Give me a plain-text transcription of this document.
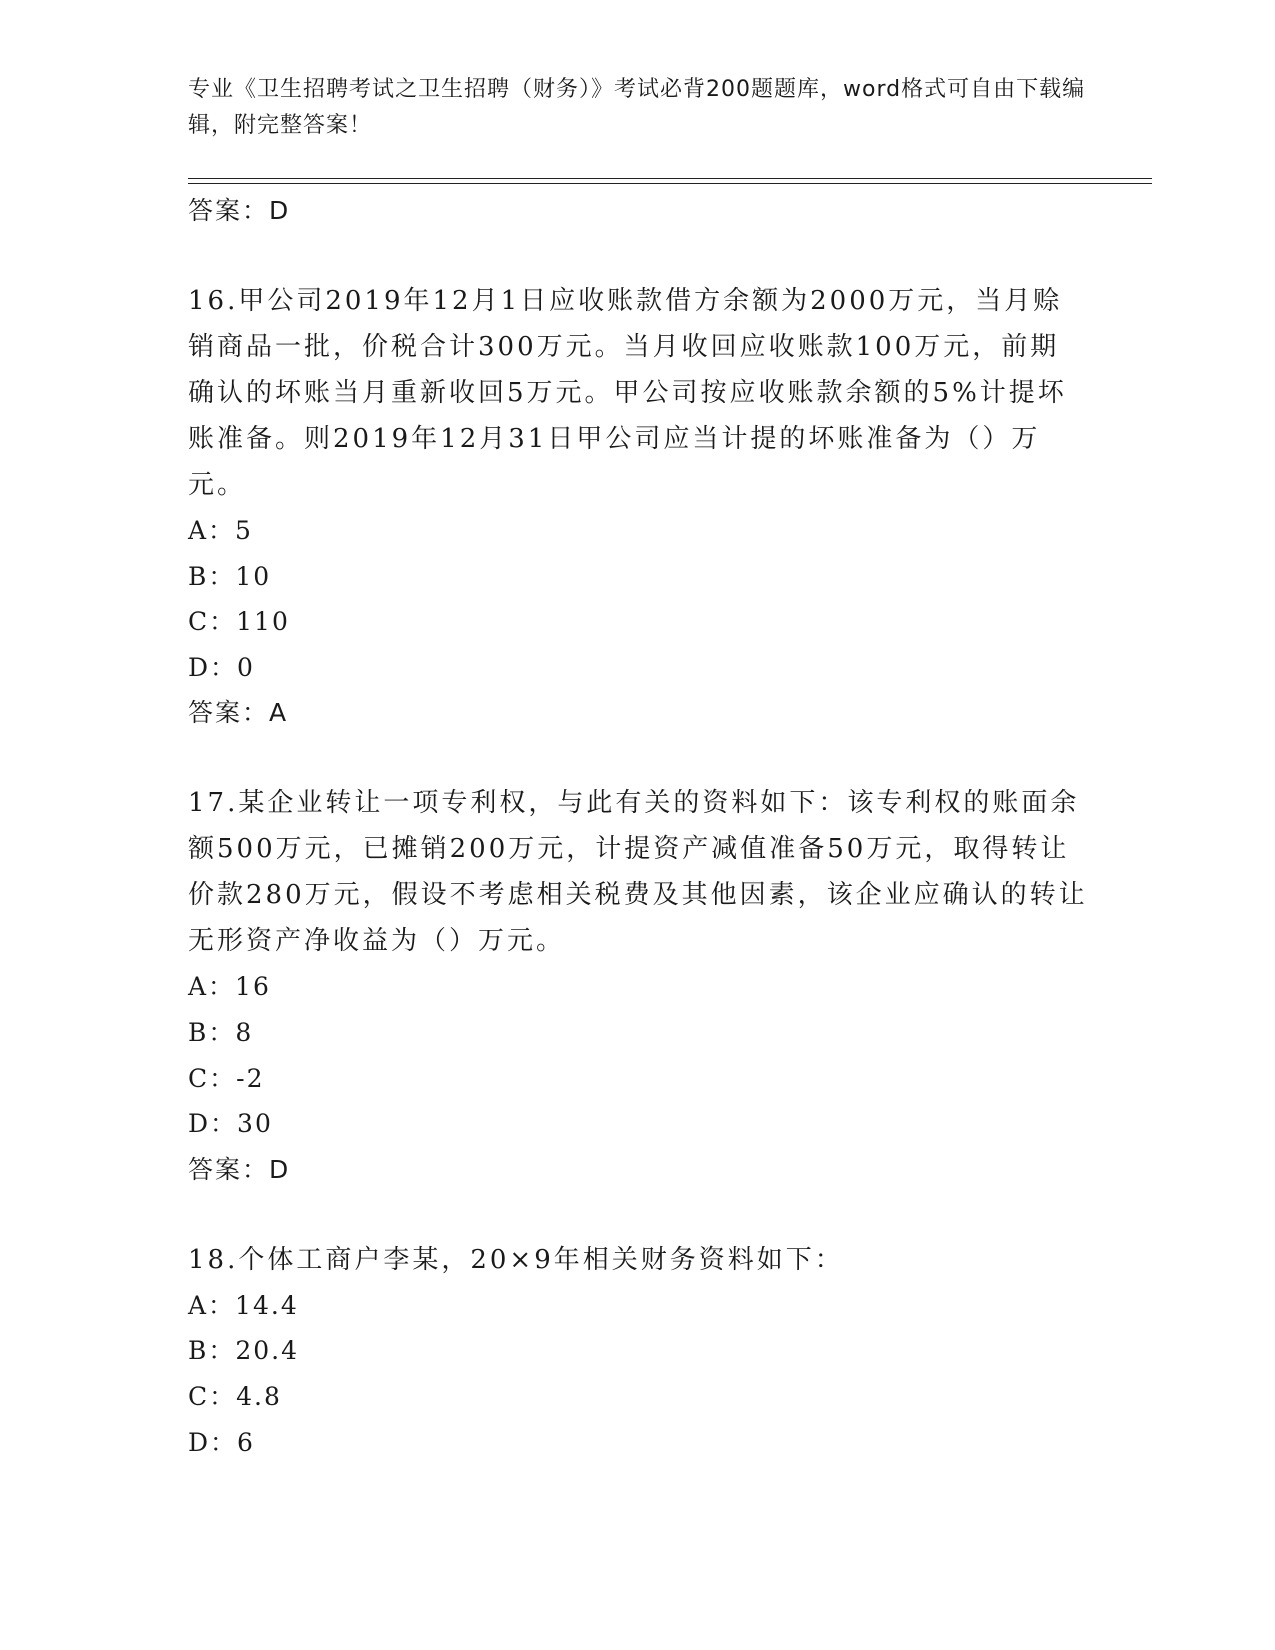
专业《卫生招聘考试之卫生招聘（财务）》考试必背200题题库，word格式可自由下载编辑，附完整答案！
答案：D
16.甲公司2019年12月1日应收账款借方余额为2000万元，当月赊销商品一批，价税合计300万元。当月收回应收账款100万元，前期确认的坏账当月重新收回5万元。甲公司按应收账款余额的5%计提坏账准备。则2019年12月31日甲公司应当计提的坏账准备为（）万元。
A：5
B：10
C：110
D：0
答案：A
17.某企业转让一项专利权，与此有关的资料如下：该专利权的账面余额500万元，已摊销200万元，计提资产减值准备50万元，取得转让价款280万元，假设不考虑相关税费及其他因素，该企业应确认的转让无形资产净收益为（）万元。
A：16
B：8
C：-2
D：30
答案：D
18.个体工商户李某，20×9年相关财务资料如下：
A：14.4
B：20.4
C：4.8
D：6
